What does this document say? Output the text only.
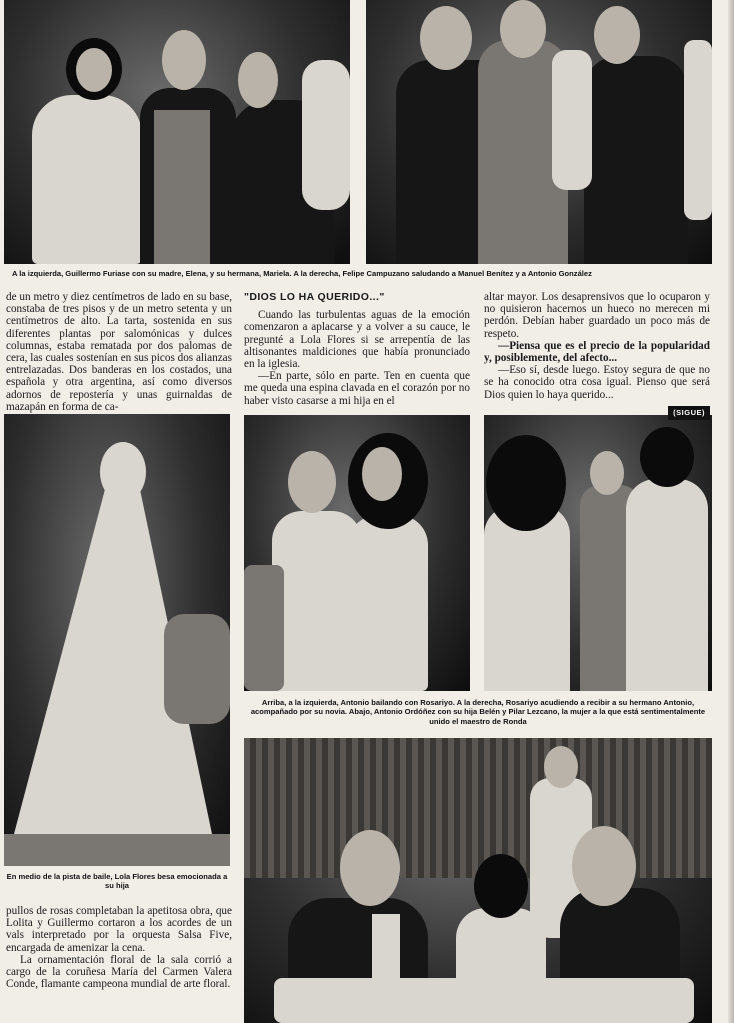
A la izquierda, Guillermo Furiase con su madre, Elena, y su hermana, Mariela. A la derecha, Felipe Campuzano saludando a Manuel Benítez y a Antonio González
En medio de la pista de baile, Lola Flores besa emocionada a su hija
Arriba, a la izquierda, Antonio bailando con Rosariyo. A la derecha, Rosariyo acudiendo a recibir a su hermano Antonio, acompañado por su novia. Abajo, Antonio Ordóñez con su hija Belén y Pilar Lezcano, la mujer a la que está sentimentalmente unido el maestro de Ronda

de un metro y diez centímetros de lado en su base, constaba de tres pisos y de un metro setenta y un centímetros de alto. La tarta, sostenida en sus diferentes plantas por salomónicas y dulces columnas, estaba rematada por dos palomas de cera, las cuales sostenían en sus picos dos alianzas entrelazadas. Dos banderas en los costados, una española y otra argentina, así como diversos adornos de repostería y unas guirnaldas de mazapán en forma de ca-

"DIOS LO HA QUERIDO..."

Cuando las turbulentas aguas de la emoción comenzaron a aplacarse y a volver a su cauce, le pregunté a Lola Flores si se arrepentía de las altisonantes maldiciones que había pronunciado en la iglesia.

—En parte, sólo en parte. Ten en cuenta que me queda una espina clavada en el corazón por no haber visto casarse a mi hija en el

altar mayor. Los desaprensivos que lo ocuparon y no quisieron hacernos un hueco no merecen mi perdón. Debían haber guardado un poco más de respeto.

—Piensa que es el precio de la popularidad y, posiblemente, del afecto...

—Eso sí, desde luego. Estoy segura de que no se ha conocido otra cosa igual. Pienso que será Dios quien lo haya querido...

(SIGUE)

pullos de rosas completaban la apetitosa obra, que Lolita y Guillermo cortaron a los acordes de un vals interpretado por la orquesta Salsa Five, encargada de amenizar la cena.

La ornamentación floral de la sala corrió a cargo de la coruñesa María del Carmen Valera Conde, flamante campeona mundial de arte floral.
